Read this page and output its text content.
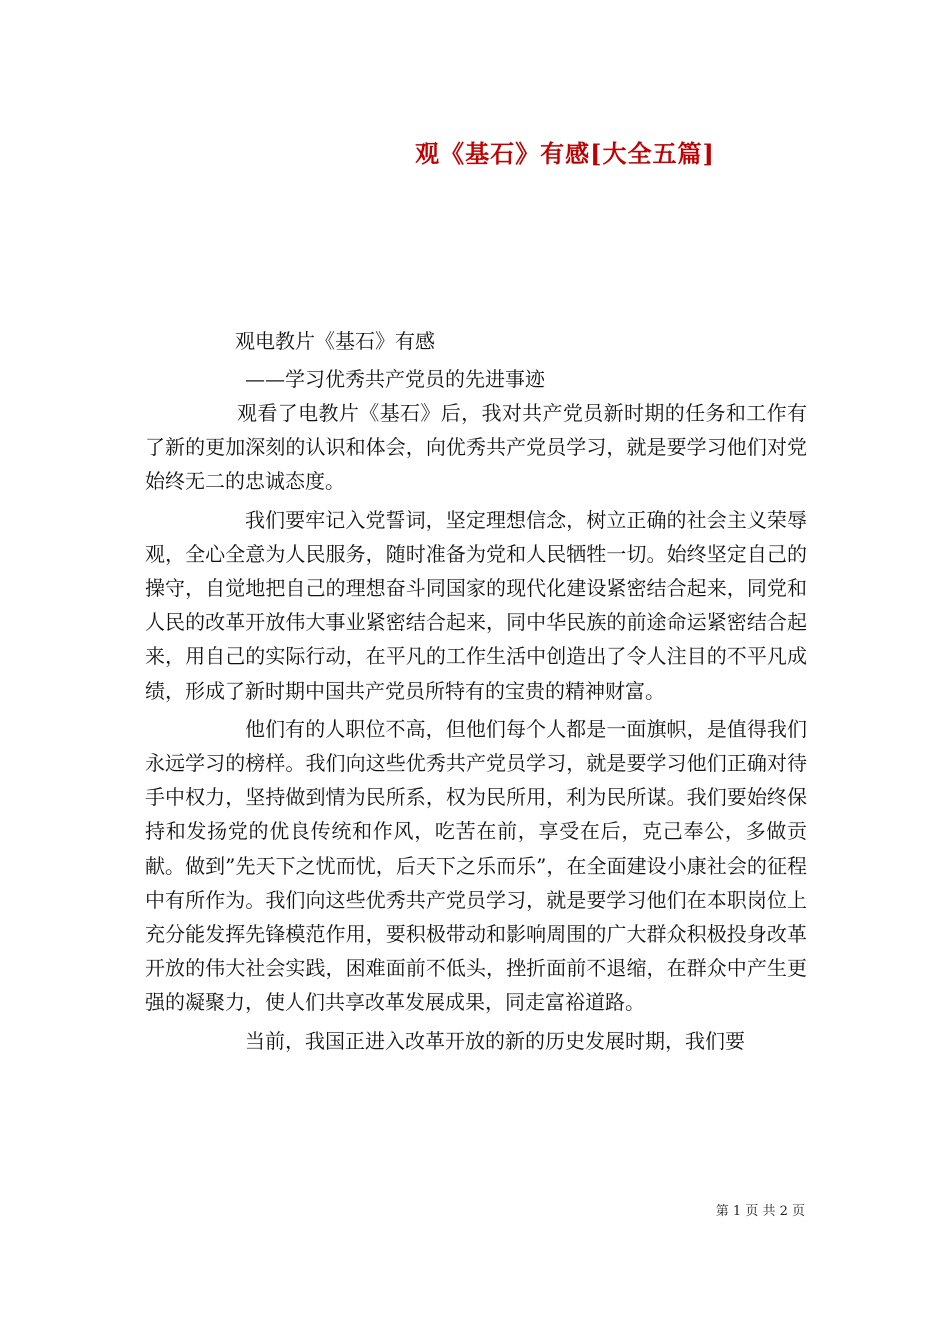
观《基石》有感[大全五篇]
观电教片《基石》有感
——学习优秀共产党员的先进事迹

观看了电教片《基石》后，我对共产党员新时期的任务和工作有了新的更加深刻的认识和体会，向优秀共产党员学习，就是要学习他们对党始终无二的忠诚态度。

我们要牢记入党誓词，坚定理想信念，树立正确的社会主义荣辱观，全心全意为人民服务，随时准备为党和人民牺牲一切。始终坚定自己的操守，自觉地把自己的理想奋斗同国家的现代化建设紧密结合起来，同党和人民的改革开放伟大事业紧密结合起来，同中华民族的前途命运紧密结合起来，用自己的实际行动，在平凡的工作生活中创造出了令人注目的不平凡成绩，形成了新时期中国共产党员所特有的宝贵的精神财富。

他们有的人职位不高，但他们每个人都是一面旗帜，是值得我们永远学习的榜样。我们向这些优秀共产党员学习，就是要学习他们正确对待手中权力，坚持做到情为民所系，权为民所用，利为民所谋。我们要始终保持和发扬党的优良传统和作风，吃苦在前，享受在后，克己奉公，多做贡献。做到”先天下之忧而忧，后天下之乐而乐”，在全面建设小康社会的征程中有所作为。我们向这些优秀共产党员学习，就是要学习他们在本职岗位上充分能发挥先锋模范作用，要积极带动和影响周围的广大群众积极投身改革开放的伟大社会实践，困难面前不低头，挫折面前不退缩，在群众中产生更强的凝聚力，使人们共享改革发展成果，同走富裕道路。

当前，我国正进入改革开放的新的历史发展时期，我们要

第 1 页 共 2 页
